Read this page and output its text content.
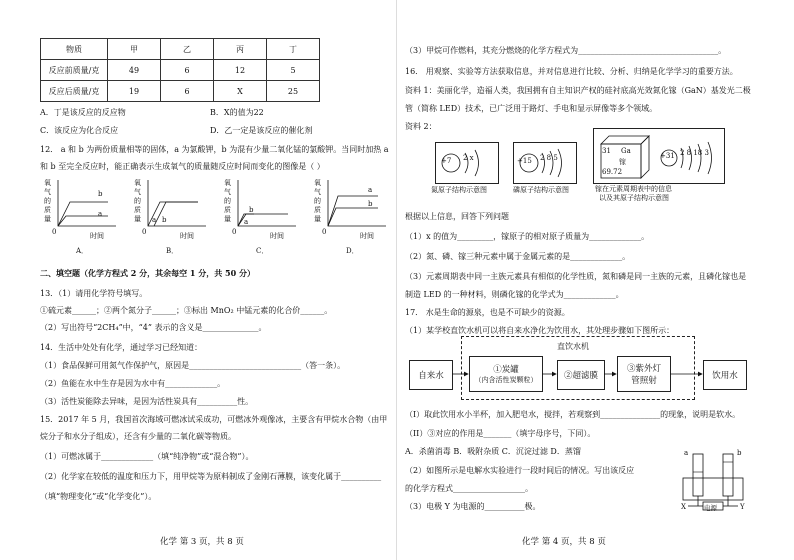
物质	甲	乙	丙	丁
反应前质量/克	49	6	12	5
反应后质量/克	19	6	X	25
A．丁是该反应的反应物	B．X的值为22
C．该反应为化合反应	D．乙一定是该反应的催化剂
12． a 和 b 为两份质量相等的固体，a 为氯酸钾，b 为混有少量二氧化锰的氯酸钾。当同时加热 a
和 b 至完全反应时，能正确表示生成氧气的质量随反应时间而变化的图像是（ ）
氧
气
的
质
量
0	时间
A．
a
b
氧
气
的
质
量
0	时间
B．
a b
氧
气
的
质
量
0	时间
C．
a
b
氧
气
的
质
量
0	时间
D．
a
b
二、填空题（化学方程式 2 分，其余每空 1 分，共 50 分）
13．（1）请用化学符号填写。
①硫元素______；②两个氮分子______；③标出 MnO₂ 中锰元素的化合价______。
（2）写出符号“2CH₄”中，“4” 表示的含义是______________。
14．生活中处处有化学，通过学习已经知道：
（1）食品保鲜可用氮气作保护气，原因是____________________________（答一条）。
（2）鱼能在水中生存是因为水中有_____________。
（3）活性炭能除去异味，是因为活性炭具有__________性。
15．2017 年 5 月，我国首次海域可燃冰试采成功，可燃冰外观像冰，主要含有甲烷水合物（由甲
烷分子和水分子组成），还含有少量的二氧化碳等物质。
（1）可燃冰属于_____________（填“纯净物”或“混合物”）。
（2）化学家在较低的温度和压力下，用甲烷等为原料制成了金刚石薄膜，该变化属于__________
（填“物理变化”或“化学变化”）。
化学 第 3 页，共 8 页
（3）甲烷可作燃料，其充分燃烧的化学方程式为___________________________________。
16． 用观察、实验等方法获取信息，并对信息进行比较、分析、归纳是化学学习的重要方法。
资料 1：美丽化学，造福人类，我国拥有自主知识产权的硅衬底高光效氮化镓（GaN）基发光二极
管（简称 LED）技术，已广泛用于路灯、手电和显示屏像等多个领域。
资料 2：
+7 2 x
氮原子结构示意图
+15 2 8 5
磷原子结构示意图
31 Ga
镓
69.72
+31 2 8 18 3
镓在元素周期表中的信息
以及其原子结构示意图
根据以上信息，回答下列问题
（1）x 的值为_________，镓原子的相对原子质量为_____________。
（2）氮、磷、镓三种元素中属于金属元素的是_____________。
（3）元素周期表中同一主族元素具有相似的化学性质，氮和磷是同一主族的元素，且磷化镓也是
制造 LED 的一种材料，则磷化镓的化学式为_____________。
17． 水是生命的源泉，也是不可缺少的资源。
（1）某学校直饮水机可以将自来水净化为饮用水，其处理步骤如下图所示：
直饮水机
自来水
①炭罐
（内含活性炭颗粒）	②超滤膜
③紫外灯
管照射	饮用水
（I）取此饮用水小半杯，加入肥皂水，搅拌，若观察到_______________的现象，说明是软水。
（II）③对应的作用是_______（填字母序号，下同）。
A．杀菌消毒 B．吸附杂质 C．沉淀过滤 D．蒸馏
（2）如图所示是电解水实验进行一段时间后的情况。写出该反应
的化学方程式__________________。
（3）电极 Y 为电源的__________极。
a	b
X	Y
电源
化学 第 4 页，共 8 页
